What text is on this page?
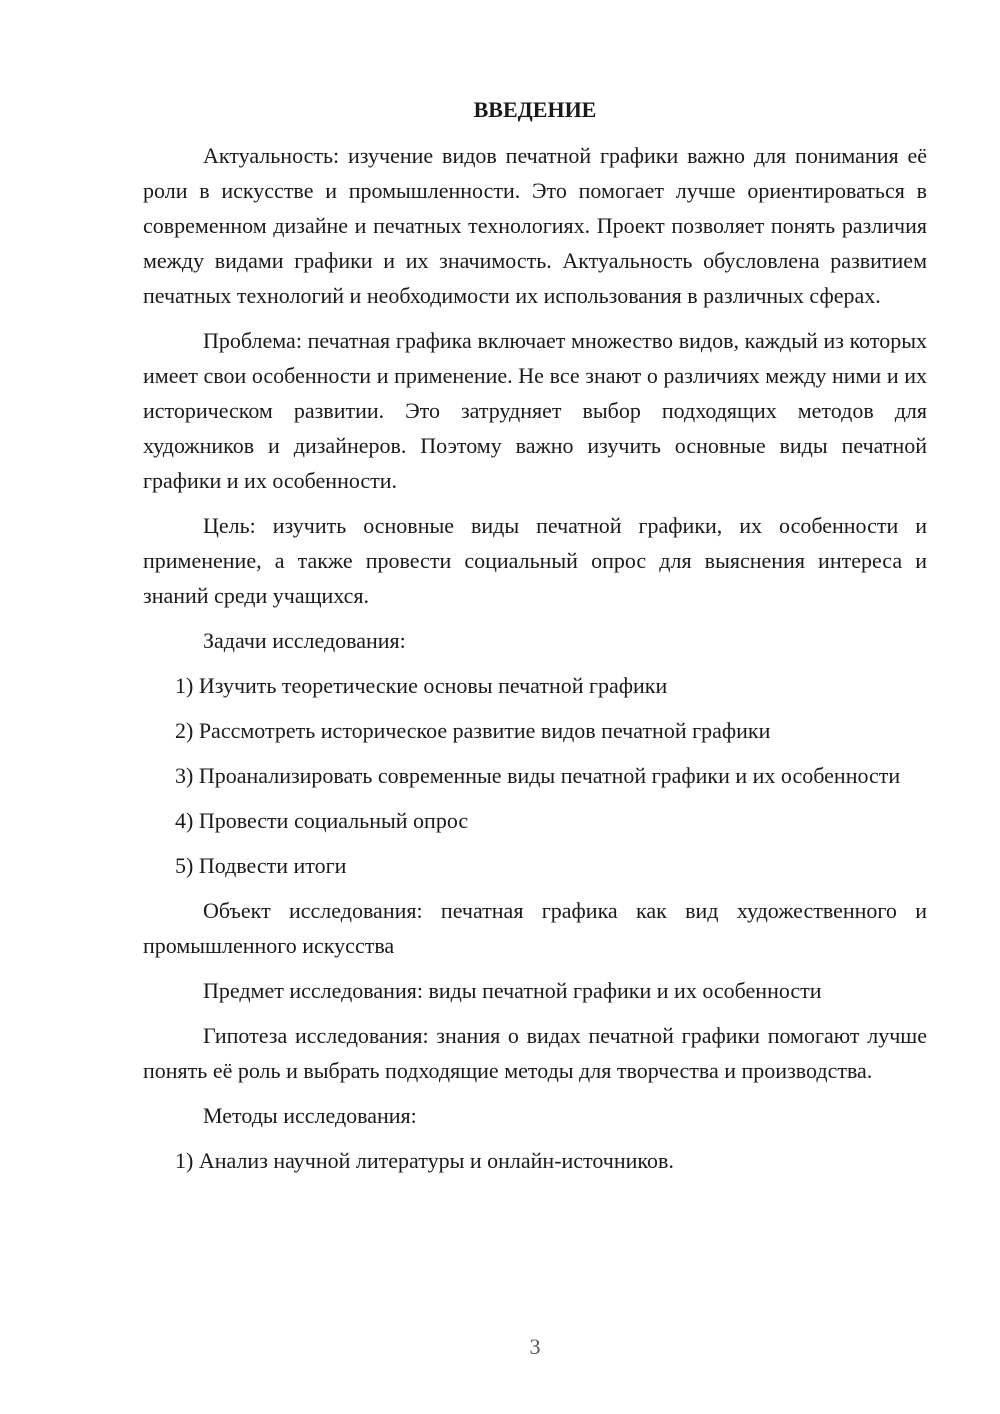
ВВЕДЕНИЕ

Актуальность: изучение видов печатной графики важно для понимания её роли в искусстве и промышленности. Это помогает лучше ориентироваться в современном дизайне и печатных технологиях. Проект позволяет понять различия между видами графики и их значимость. Актуальность обусловлена развитием печатных технологий и необходимости их использования в различных сферах.

Проблема: печатная графика включает множество видов, каждый из которых имеет свои особенности и применение. Не все знают о различиях между ними и их историческом развитии. Это затрудняет выбор подходящих методов для художников и дизайнеров. Поэтому важно изучить основные виды печатной графики и их особенности.

Цель: изучить основные виды печатной графики, их особенности и применение, а также провести социальный опрос для выяснения интереса и знаний среди учащихся.

Задачи исследования:

1) Изучить теоретические основы печатной графики

2) Рассмотреть историческое развитие видов печатной графики

3) Проанализировать современные виды печатной графики и их особенности

4) Провести социальный опрос

5) Подвести итоги

Объект исследования: печатная графика как вид художественного и промышленного искусства

Предмет исследования: виды печатной графики и их особенности

Гипотеза исследования: знания о видах печатной графики помогают лучше понять её роль и выбрать подходящие методы для творчества и производства.

Методы исследования:

1) Анализ научной литературы и онлайн-источников.

3
